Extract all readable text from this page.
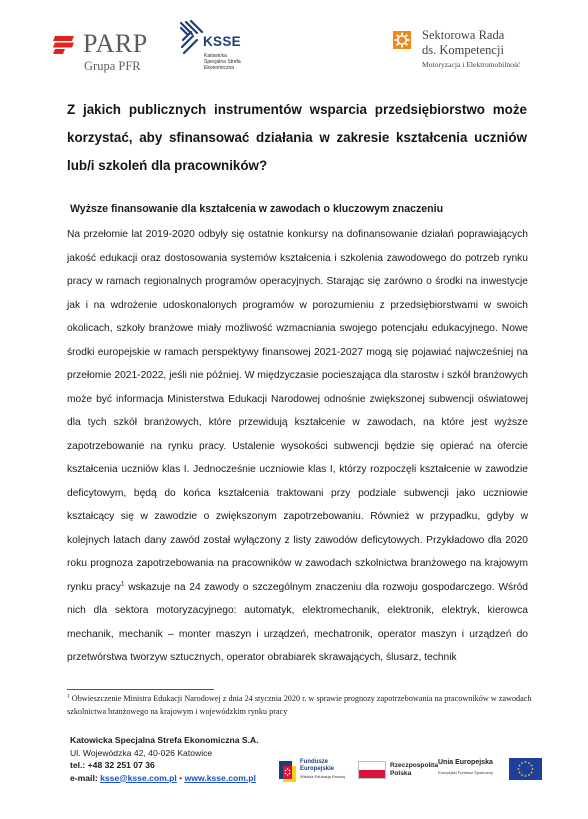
PARP
Grupa PFR
KSSE
Katowicka
Specjalna Strefa
Ekonomiczna
Sektorowa Rada
ds. Kompetencji
Motoryzacja i Elektromobilność
Z jakich publicznych instrumentów wsparcia przedsiębiorstwo może korzystać, aby sfinansować działania w zakresie kształcenia uczniów lub/i szkoleń dla pracowników?
Wyższe finansowanie dla kształcenia w zawodach o kluczowym znaczeniu
Na przełomie lat 2019-2020 odbyły się ostatnie konkursy na dofinansowanie działań poprawiających jakość edukacji oraz dostosowania systemów kształcenia i szkolenia zawodowego do potrzeb rynku pracy w ramach regionalnych programów operacyjnych. Starając się zarówno o środki na inwestycje jak i na wdrożenie udoskonalonych programów w porozumieniu z przedsiębiorstwami w swoich okolicach, szkoły branżowe miały możliwość wzmacniania swojego potencjału edukacyjnego. Nowe środki europejskie w ramach perspektywy finansowej 2021-2027 mogą się pojawiać najwcześniej na przełomie 2021-2022, jeśli nie później. W międzyczasie pocieszająca dla starostw i szkół branżowych może być informacja Ministerstwa Edukacji Narodowej odnośnie zwiększonej subwencji oświatowej dla tych szkół branżowych, które przewidują kształcenie w zawodach, na które jest wyższe zapotrzebowanie na rynku pracy. Ustalenie wysokości subwencji będzie się opierać na ofercie kształcenia uczniów klas I. Jednocześnie uczniowie klas I, którzy rozpoczęli kształcenie w zawodzie deficytowym, będą do końca kształcenia traktowani przy podziale subwencji jako uczniowie kształcący się w zawodzie o zwiększonym zapotrzebowaniu. Również w przypadku, gdyby w kolejnych latach dany zawód został wyłączony z listy zawodów deficytowych. Przykładowo dla 2020 roku prognoza zapotrzebowania na pracowników w zawodach szkolnictwa branżowego na krajowym rynku pracy$^1$ wskazuje na 24 zawody o szczególnym znaczeniu dla rozwoju gospodarczego. Wśród nich dla sektora motoryzacyjnego: automatyk, elektromechanik, elektronik, elektryk, kierowca mechanik, mechanik – monter maszyn i urządzeń, mechatronik, operator maszyn i urządzeń do przetwórstwa tworzyw sztucznych, operator obrabiarek skrawających, ślusarz, technik
$^1$ Obwieszczenie Ministra Edukacji Narodowej z dnia 24 stycznia 2020 r. w sprawie prognozy zapotrzebowania na pracowników w zawodach szkolnictwa branżowego na krajowym i wojewódzkim rynku pracy
Katowicka Specjalna Strefa Ekonomiczna S.A.
Ul. Wojewódzka 42, 40-026 Katowice
tel.: +48 32 251 07 36
e-mail: ksse@ksse.com.pl • www.ksse.com.pl
Fundusze
Europejskie
Wiedza Edukacja Rozwój
Rzeczpospolita
Polska
Unia Europejska
Europejski Fundusz Społeczny
